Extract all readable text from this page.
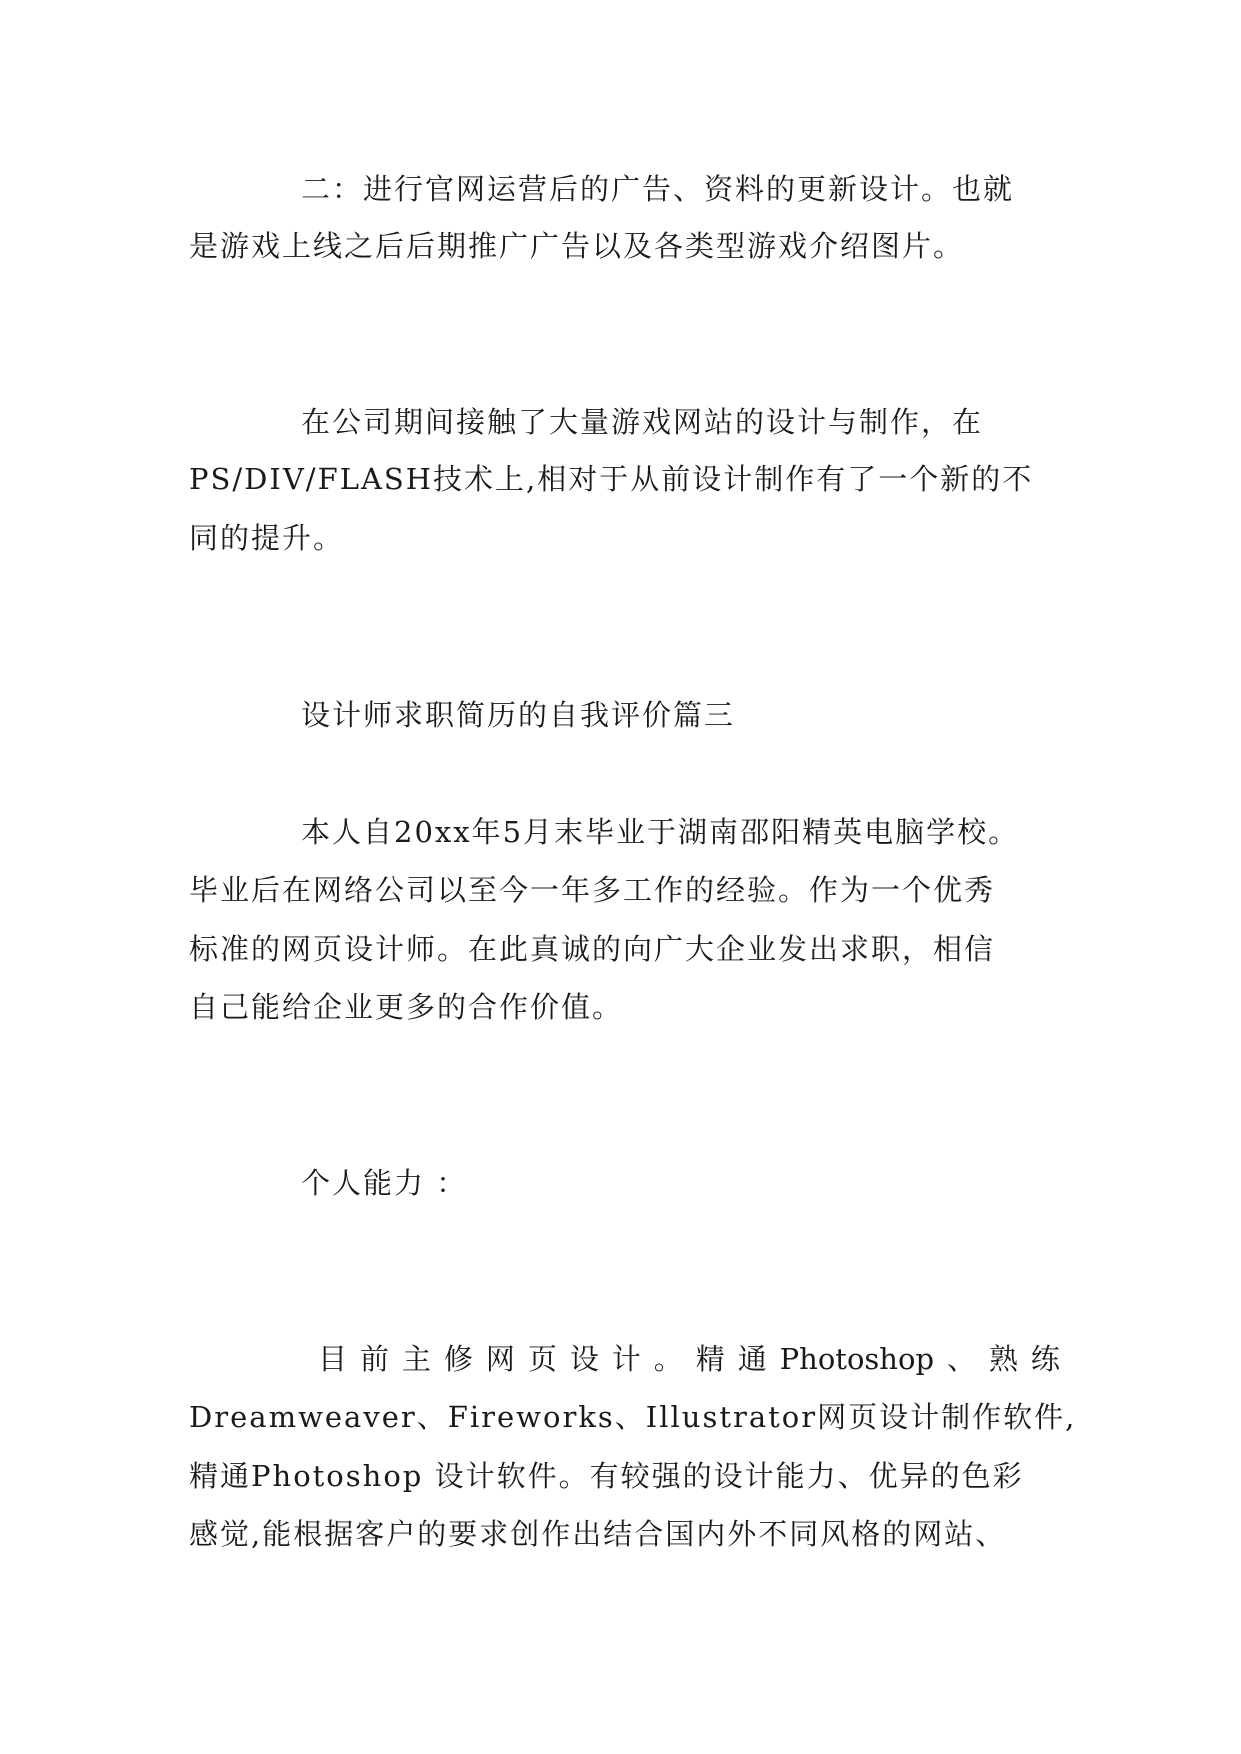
二：进行官网运营后的广告、资料的更新设计。也就

是游戏上线之后后期推广广告以及各类型游戏介绍图片。

在公司期间接触了大量游戏网站的设计与制作，在

PS/DIV/FLASH技术上,相对于从前设计制作有了一个新的不

同的提升。

设计师求职简历的自我评价篇三

本人自20xx年5月末毕业于湖南邵阳精英电脑学校。

毕业后在网络公司以至今一年多工作的经验。作为一个优秀

标准的网页设计师。在此真诚的向广大企业发出求职，相信

自己能给企业更多的合作价值。

个人能力 ：

目 前 主 修 网 页 设 计 。 精 通 Photoshop 、 熟 练

Dreamweaver、Fireworks、Illustrator网页设计制作软件,

精通Photoshop 设计软件。有较强的设计能力、优异的色彩

感觉,能根据客户的要求创作出结合国内外不同风格的网站、
